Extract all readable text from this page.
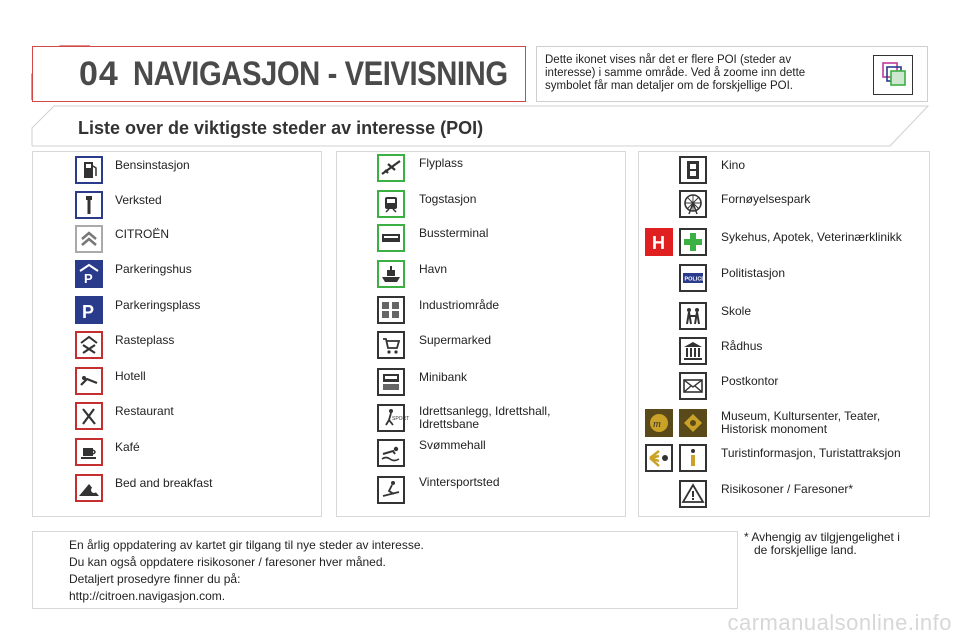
04 NAVIGASJON - VEIVISNING	Dette ikonet vises når det er flere POI (steder av
interesse) i samme område. Ved å zoome inn dette
symbolet får man detaljer om de forskjellige POI.
Liste over de viktigste steder av interesse (POI)
Bensinstasjon
Verksted
CITROËN
P
Parkeringshus
P Parkeringsplass
Rasteplass
Hotell
Restaurant
Kafé
Bed and breakfast
Flyplass
Togstasjon
Bussterminal
Havn
Industriområde
Supermarked
Minibank
SPORT
Idrettsanlegg, Idrettshall,
Idrettsbane
Svømmehall
Vintersportsted
Kino
Fornøyelsespark
H	Sykehus, Apotek, Veterinærklinikk
POLICE Politistasjon
Skole
Rådhus
Postkontor
m
Museum, Kultursenter, Teater,
Historisk monoment
Turistinformasjon, Turistattraksjon
Risikosoner / Faresoner*
En årlig oppdatering av kartet gir tilgang til nye steder av interesse.
Du kan også oppdatere risikosoner / faresoner hver måned.
Detaljert prosedyre finner du på:
http://citroen.navigasjon.com.
* Avhengig av tilgjengelighet i
de forskjellige land.
carmanualsonline.info
